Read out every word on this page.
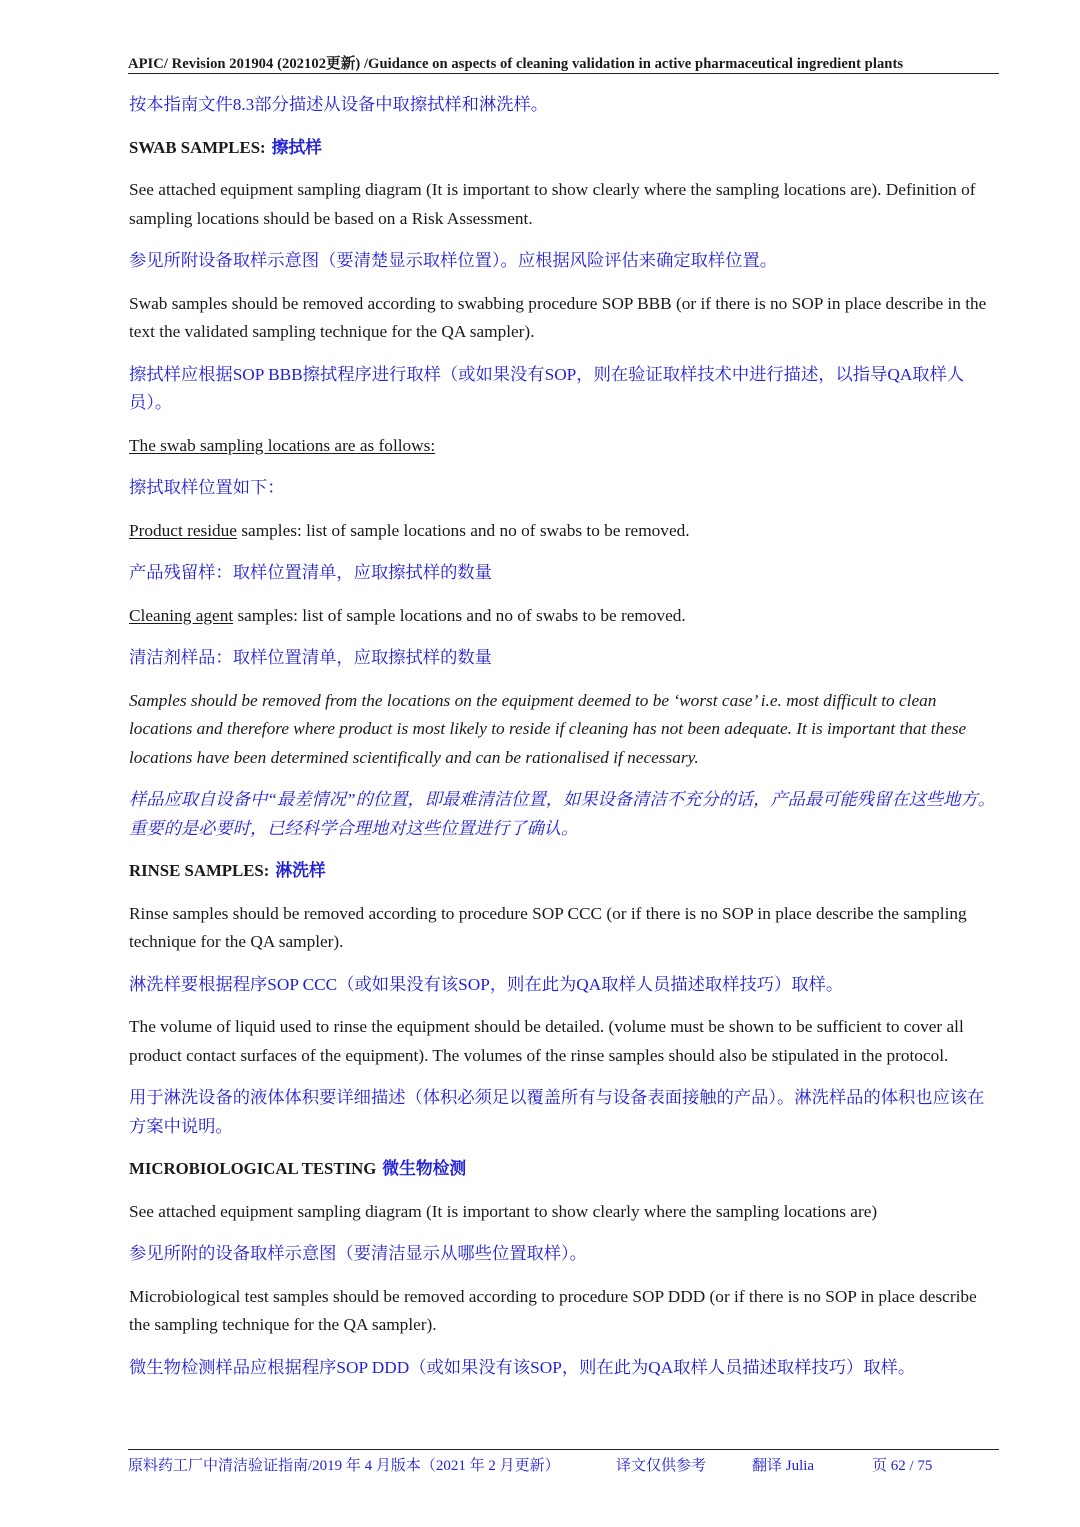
APIC/ Revision 201904 (202102更新) /Guidance on aspects of cleaning validation in active pharmaceutical ingredient plants

按本指南文件8.3部分描述从设备中取擦拭样和淋洗样。

SWAB SAMPLES: 擦拭样

See attached equipment sampling diagram (It is important to show clearly where the sampling locations are). Definition of sampling locations should be based on a Risk Assessment.

参见所附设备取样示意图（要清楚显示取样位置）。应根据风险评估来确定取样位置。

Swab samples should be removed according to swabbing procedure SOP BBB (or if there is no SOP in place describe in the text the validated sampling technique for the QA sampler).

擦拭样应根据SOP BBB擦拭程序进行取样（或如果没有SOP，则在验证取样技术中进行描述，以指导QA取样人员）。

The swab sampling locations are as follows:

擦拭取样位置如下：

Product residue samples: list of sample locations and no of swabs to be removed.

产品残留样：取样位置清单，应取擦拭样的数量

Cleaning agent samples: list of sample locations and no of swabs to be removed.

清洁剂样品：取样位置清单，应取擦拭样的数量

Samples should be removed from the locations on the equipment deemed to be ‘worst case’ i.e. most difficult to clean locations and therefore where product is most likely to reside if cleaning has not been adequate. It is important that these locations have been determined scientifically and can be rationalised if necessary.

样品应取自设备中“最差情况”的位置，即最难清洁位置，如果设备清洁不充分的话，产品最可能残留在这些地方。重要的是必要时，已经科学合理地对这些位置进行了确认。

RINSE SAMPLES: 淋洗样

Rinse samples should be removed according to procedure SOP CCC (or if there is no SOP in place describe the sampling technique for the QA sampler).

淋洗样要根据程序SOP CCC（或如果没有该SOP，则在此为QA取样人员描述取样技巧）取样。

The volume of liquid used to rinse the equipment should be detailed. (volume must be shown to be sufficient to cover all product contact surfaces of the equipment). The volumes of the rinse samples should also be stipulated in the protocol.

用于淋洗设备的液体体积要详细描述（体积必须足以覆盖所有与设备表面接触的产品）。淋洗样品的体积也应该在方案中说明。

MICROBIOLOGICAL TESTING 微生物检测

See attached equipment sampling diagram (It is important to show clearly where the sampling locations are)

参见所附的设备取样示意图（要清洁显示从哪些位置取样）。

Microbiological test samples should be removed according to procedure SOP DDD (or if there is no SOP in place describe the sampling technique for the QA sampler).

微生物检测样品应根据程序SOP DDD（或如果没有该SOP，则在此为QA取样人员描述取样技巧）取样。

原料药工厂中清洁验证指南/2019 年 4 月版本（2021 年 2 月更新）	译文仅供参考	翻译 Julia	页 62 / 75
